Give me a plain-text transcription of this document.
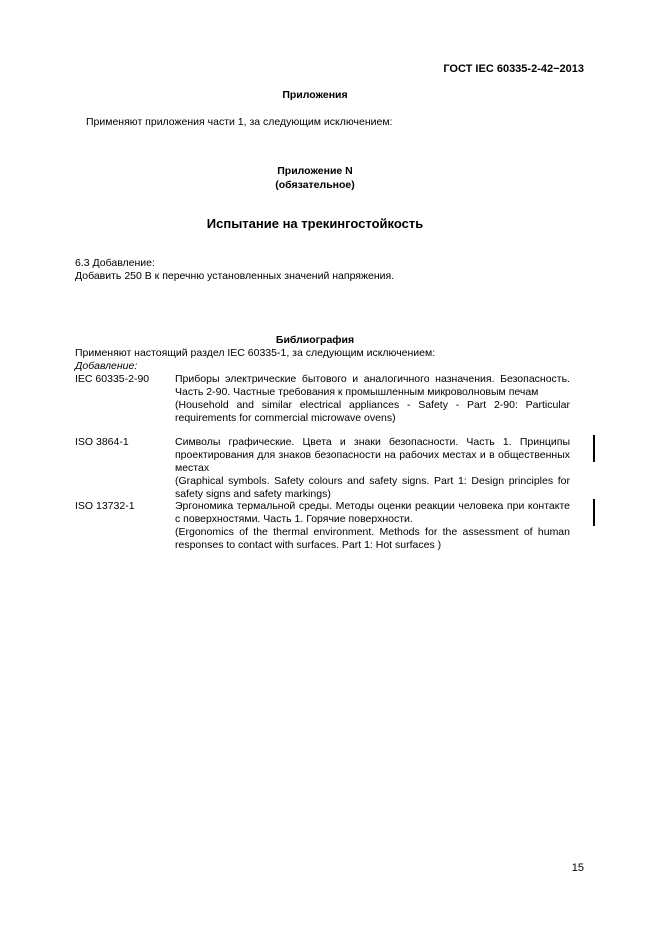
ГОСТ IEC 60335-2-42−2013
Приложения
Применяют приложения части 1, за следующим исключением:
Приложение N
(обязательное)
Испытание на трекингостойкость
6.3 Добавление:
Добавить 250 В к перечню установленных значений напряжения.
Библиография
Применяют настоящий раздел IEC 60335-1, за следующим исключением:
Добавление:
IEC 60335-2-90 Приборы электрические бытового и аналогичного назначения. Безопасность. Часть 2-90. Частные требования к промышленным микроволновым печам
(Household and similar electrical appliances - Safety - Part 2-90: Particular requirements for commercial microwave ovens)
ISO 3864-1	Символы графические. Цвета и знаки безопасности. Часть 1. Принципы проектирования для знаков безопасности на рабочих местах и в общественных местах
(Graphical symbols. Safety colours and safety signs. Part 1: Design principles for safety signs and safety markings)
ISO 13732-1	Эргономика термальной среды. Методы оценки реакции человека при контакте с поверхностями. Часть 1. Горячие поверхности.
(Ergonomics of the thermal environment. Methods for the assessment of human responses to contact with surfaces. Part 1: Hot surfaces )
15
